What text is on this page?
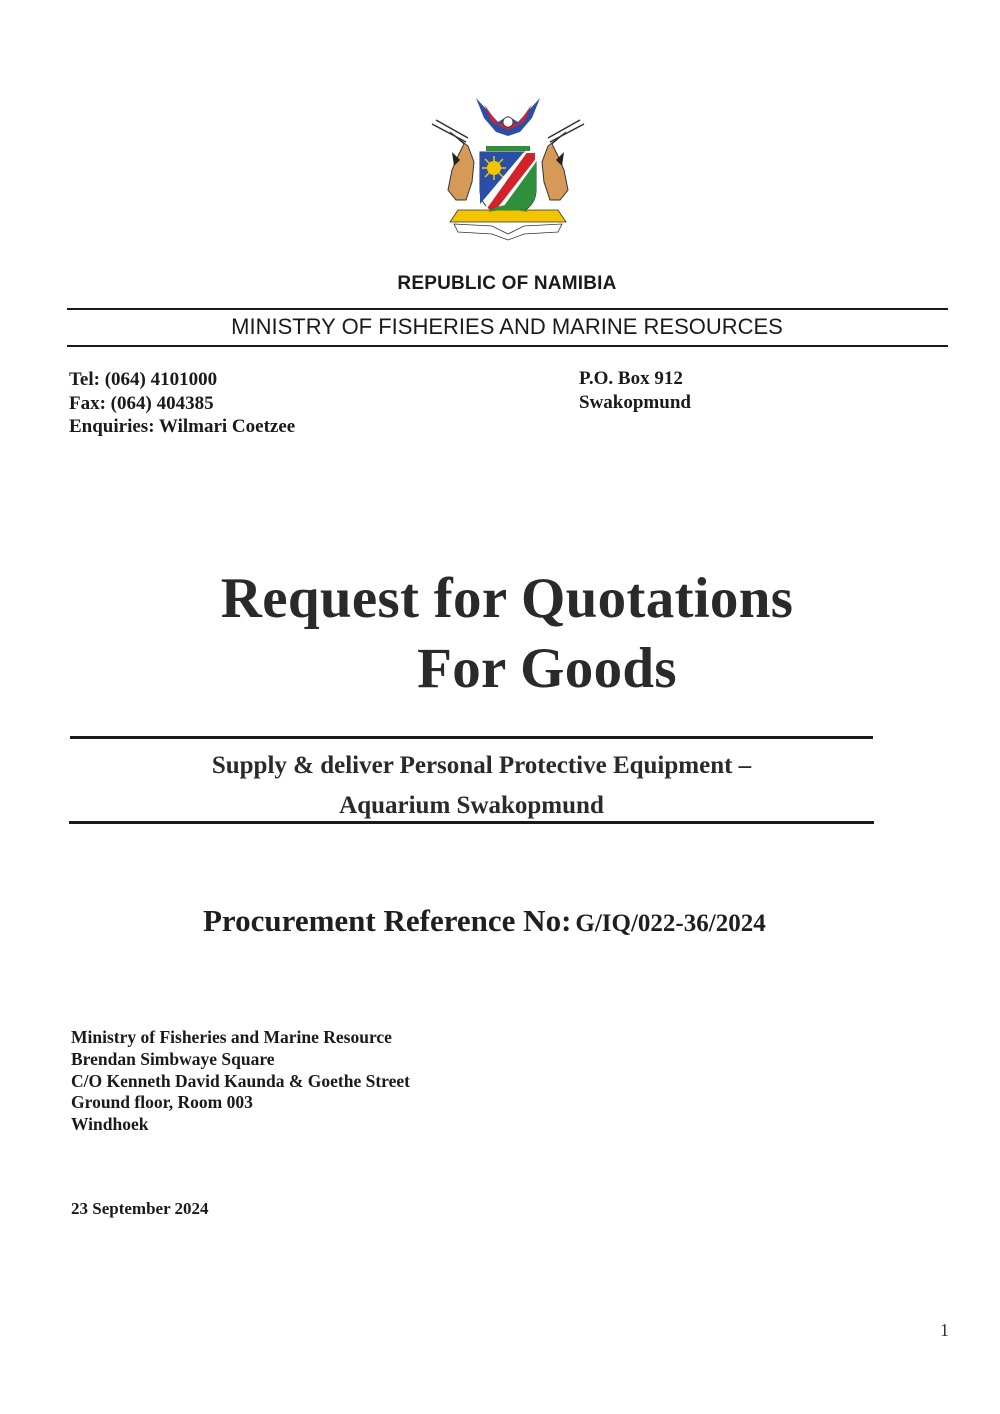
REPUBLIC OF NAMIBIA
MINISTRY OF FISHERIES AND MARINE RESOURCES
Tel: (064) 4101000
Fax: (064) 404385
Enquiries: Wilmari Coetzee
P.O. Box 912
Swakopmund
Request for Quotations
For Goods
Supply & deliver Personal Protective Equipment –
Aquarium Swakopmund
Procurement Reference No: G/IQ/022-36/2024
Ministry of Fisheries and Marine Resource
Brendan Simbwaye Square
C/O Kenneth David Kaunda & Goethe Street
Ground floor, Room 003
Windhoek
23 September 2024
1
